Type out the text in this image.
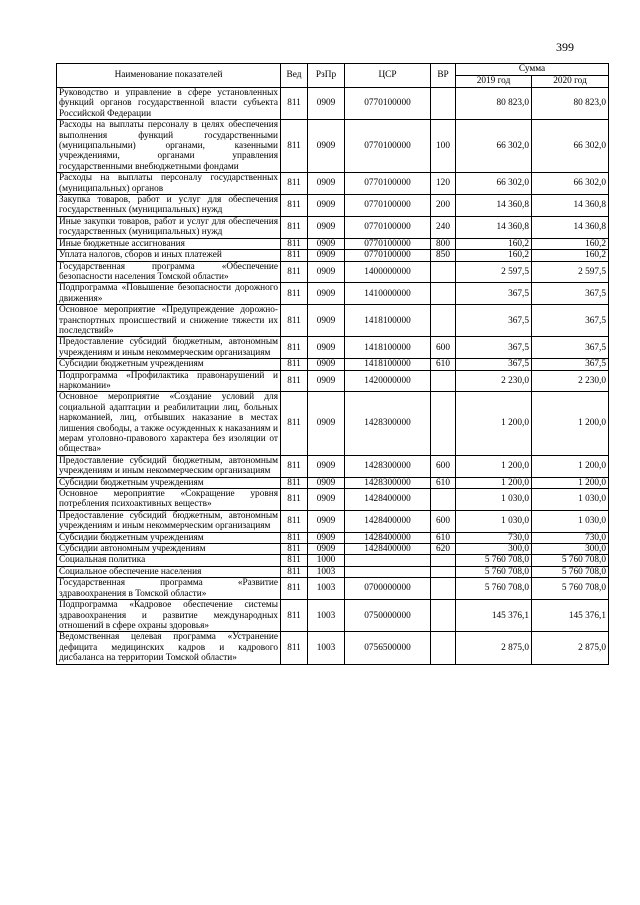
399
Наименование показателей	Вед	РзПр	ЦСР	ВР	Сумма	
					2019 год	2020 год
Руководство и управление в сфере установленных функций органов государственной власти субъекта Российской Федерации	811	0909	0770100000		80 823,0	80 823,0
Расходы на выплаты персоналу в целях обеспечения выполнения функций государственными (муниципальными) органами, казенными учреждениями, органами управления государственными внебюджетными фондами	811	0909	0770100000	100	66 302,0	66 302,0
Расходы на выплаты персоналу государственных (муниципальных) органов	811	0909	0770100000	120	66 302,0	66 302,0
Закупка товаров, работ и услуг для обеспечения государственных (муниципальных) нужд	811	0909	0770100000	200	14 360,8	14 360,8
Иные закупки товаров, работ и услуг для обеспечения государственных (муниципальных) нужд	811	0909	0770100000	240	14 360,8	14 360,8
Иные бюджетные ассигнования	811	0909	0770100000	800	160,2	160,2
Уплата налогов, сборов и иных платежей	811	0909	0770100000	850	160,2	160,2
Государственная программа «Обеспечение безопасности населения Томской области»	811	0909	1400000000		2 597,5	2 597,5
Подпрограмма «Повышение безопасности дорожного движения»	811	0909	1410000000		367,5	367,5
Основное мероприятие «Предупреждение дорожно-транспортных происшествий и снижение тяжести их последствий»	811	0909	1418100000		367,5	367,5
Предоставление субсидий бюджетным, автономным учреждениям и иным некоммерческим организациям	811	0909	1418100000	600	367,5	367,5
Субсидии бюджетным учреждениям	811	0909	1418100000	610	367,5	367,5
Подпрограмма «Профилактика правонарушений и наркомании»	811	0909	1420000000		2 230,0	2 230,0
Основное мероприятие «Создание условий для социальной адаптации и реабилитации лиц, больных наркоманией, лиц, отбывших наказание в местах лишения свободы, а также осужденных к наказаниям и мерам уголовно-правового характера без изоляции от общества»	811	0909	1428300000		1 200,0	1 200,0
Предоставление субсидий бюджетным, автономным учреждениям и иным некоммерческим организациям	811	0909	1428300000	600	1 200,0	1 200,0
Субсидии бюджетным учреждениям	811	0909	1428300000	610	1 200,0	1 200,0
Основное мероприятие «Сокращение уровня потребления психоактивных веществ»	811	0909	1428400000		1 030,0	1 030,0
Предоставление субсидий бюджетным, автономным учреждениям и иным некоммерческим организациям	811	0909	1428400000	600	1 030,0	1 030,0
Субсидии бюджетным учреждениям	811	0909	1428400000	610	730,0	730,0
Субсидии автономным учреждениям	811	0909	1428400000	620	300,0	300,0
Социальная политика	811	1000			5 760 708,0	5 760 708,0
Социальное обеспечение населения	811	1003			5 760 708,0	5 760 708,0
Государственная программа «Развитие здравоохранения в Томской области»	811	1003	0700000000		5 760 708,0	5 760 708,0
Подпрограмма «Кадровое обеспечение системы здравоохранения и развитие международных отношений в сфере охраны здоровья»	811	1003	0750000000		145 376,1	145 376,1
Ведомственная целевая программа «Устранение дефицита медицинских кадров и кадрового дисбаланса на территории Томской области»	811	1003	0756500000		2 875,0	2 875,0
